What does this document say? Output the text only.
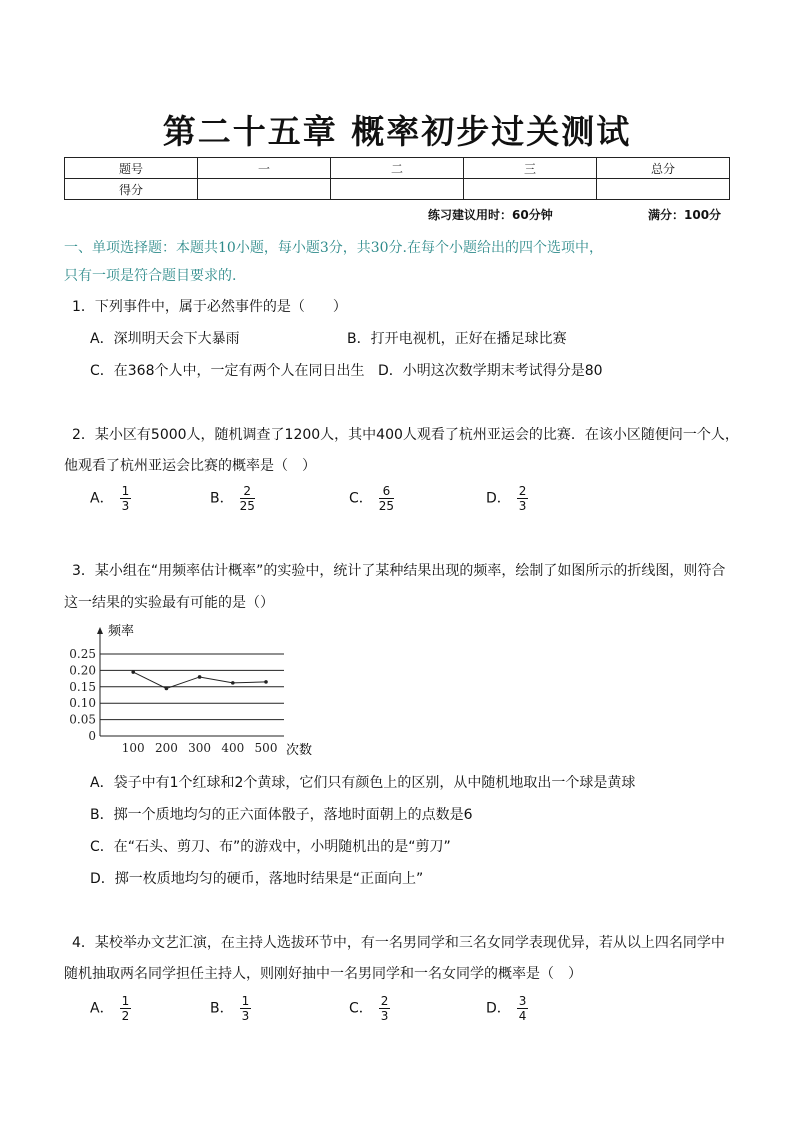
第二十五章 概率初步过关测试
题号	一	二	三	总分
得分				
练习建议用时：60分钟	满分：100分
一、单项选择题：本题共10小题，每小题3分，共30分.在每个小题给出的四个选项中，
只有一项是符合题目要求的.
1．下列事件中，属于必然事件的是（　　）
A．深圳明天会下大暴雨	B．打开电视机，正好在播足球比赛
C．在368个人中，一定有两个人在同日出生 D．小明这次数学期末考试得分是80
2．某小区有5000人，随机调查了1200人，其中400人观看了杭州亚运会的比赛．在该小区随便问一个人，
他观看了杭州亚运会比赛的概率是（　）
A． $\frac{1}{3}$	B． $\frac{2}{25}$	C． $\frac{6}{25}$	D． $\frac{2}{3}$
3．某小组在“用频率估计概率”的实验中，统计了某种结果出现的频率，绘制了如图所示的折线图，则符合
这一结果的实验最有可能的是（）
频率
次数
0
0.05
0.10
0.15
0.20
0.25
100 200 300 400 500
A．袋子中有1个红球和2个黄球，它们只有颜色上的区别，从中随机地取出一个球是黄球
B．掷一个质地均匀的正六面体骰子，落地时面朝上的点数是6
C．在“石头、剪刀、布”的游戏中，小明随机出的是“剪刀”
D．掷一枚质地均匀的硬币，落地时结果是“正面向上”
4．某校举办文艺汇演，在主持人选拔环节中，有一名男同学和三名女同学表现优异，若从以上四名同学中
随机抽取两名同学担任主持人，则刚好抽中一名男同学和一名女同学的概率是（　）
A． $\frac{1}{2}$	B． $\frac{1}{3}$	C． $\frac{2}{3}$	D． $\frac{3}{4}$
